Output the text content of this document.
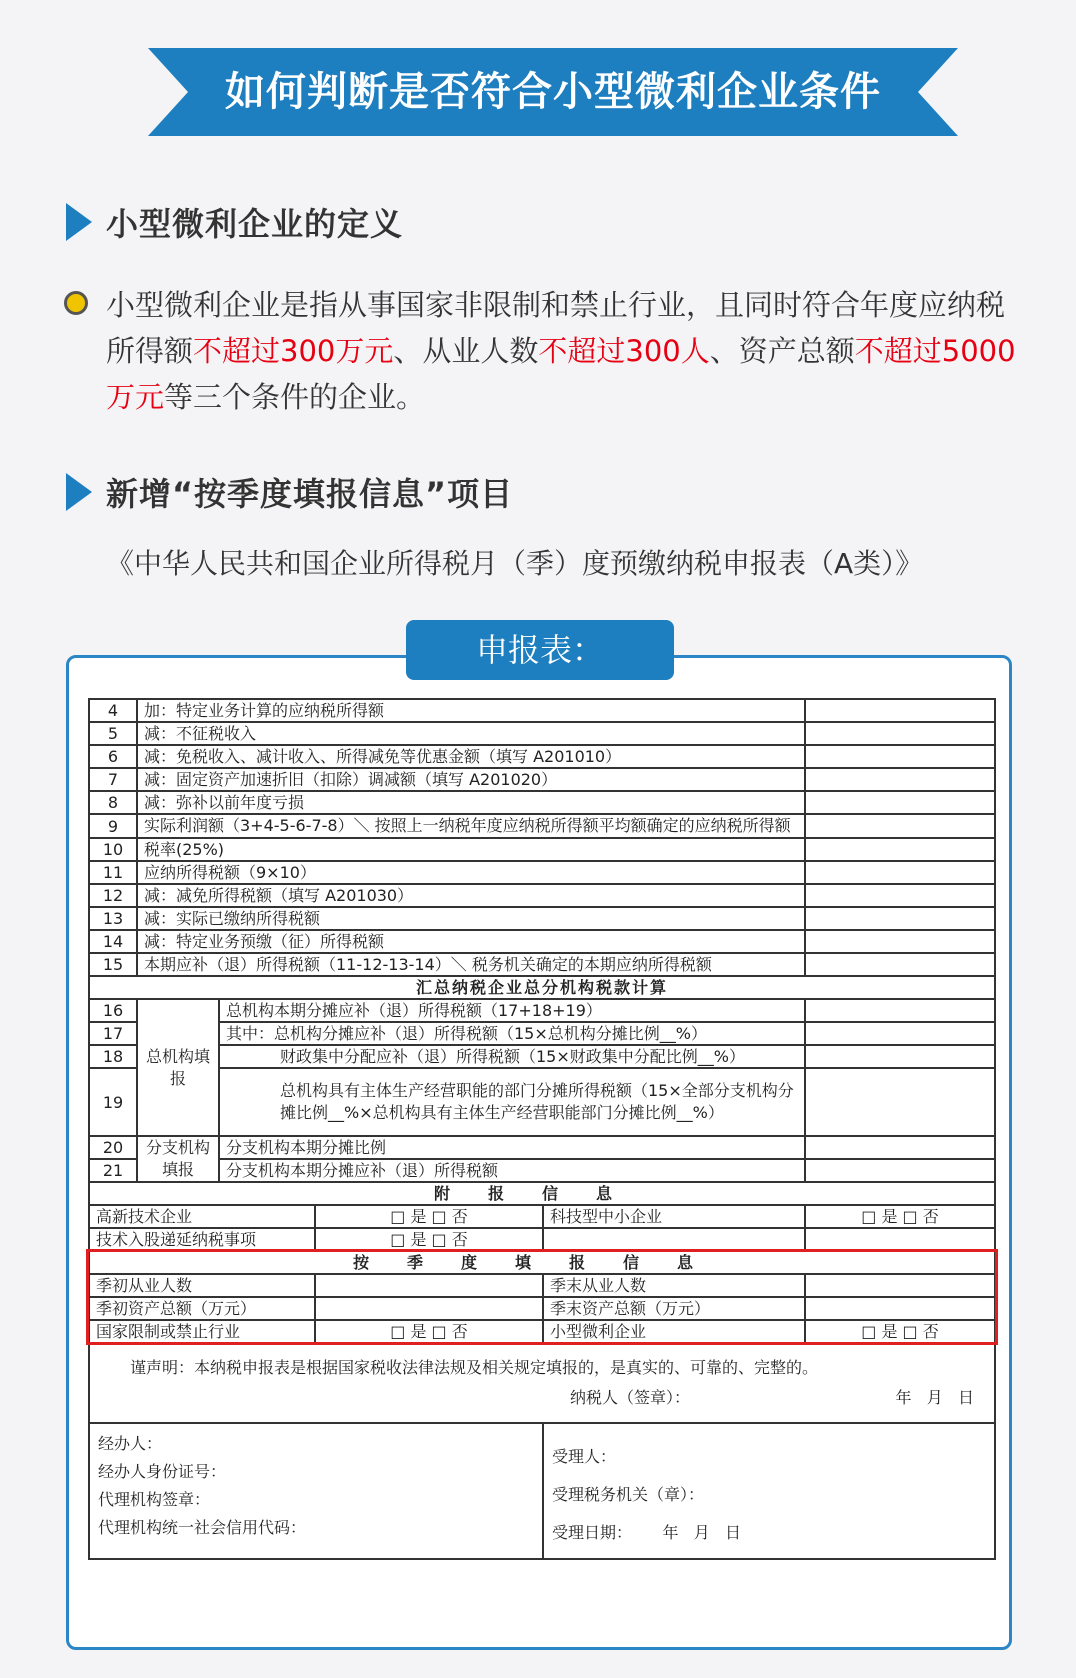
如何判断是否符合小型微利企业条件
小型微利企业的定义
小型微利企业是指从事国家非限制和禁止行业，且同时符合年度应纳税所得额不超过300万元、从业人数不超过300人、资产总额不超过5000万元等三个条件的企业。
新增“按季度填报信息”项目
《中华人民共和国企业所得税月（季）度预缴纳税申报表（A类）》
申报表：A200000
4	加：特定业务计算的应纳税所得额				
5	减：不征税收入				
6	减：免税收入、减计收入、所得减免等优惠金额（填写 A201010）				
7	减：固定资产加速折旧（扣除）调减额（填写 A201020）				
8	减：弥补以前年度亏损				
9	实际利润额（3+4-5-6-7-8）＼ 按照上一纳税年度应纳税所得额平均额确定的应纳税所得额				
10	税率(25%)				
11	应纳所得税额（9×10）				
12	减：减免所得税额（填写 A201030）				
13	减：实际已缴纳所得税额				
14	减：特定业务预缴（征）所得税额				
15	本期应补（退）所得税额（11-12-13-14）＼ 税务机关确定的本期应纳所得税额				
汇总纳税企业总分机构税款计算					
16	总机构填报	总机构本期分摊应补（退）所得税额（17+18+19）			
17		其中：总机构分摊应补（退）所得税额（15×总机构分摊比例__%）			
18		财政集中分配应补（退）所得税额（15×财政集中分配比例__%）			
19		总机构具有主体生产经营职能的部门分摊所得税额（15×全部分支机构分摊比例__%×总机构具有主体生产经营职能部门分摊比例__%）			
20	分支机构填报	分支机构本期分摊比例			
21		分支机构本期分摊应补（退）所得税额			
附报信息					
高新技术企业			□ 是 □ 否	科技型中小企业	□ 是 □ 否
技术入股递延纳税事项			□ 是 □ 否		
按季度填报信息					
季初从业人数				季末从业人数	
季初资产总额（万元）				季末资产总额（万元）	
国家限制或禁止行业			□ 是 □ 否	小型微利企业	□ 是 □ 否

谨声明：本纳税申报表是根据国家税收法律法规及相关规定填报的，是真实的、可靠的、完整的。
纳税人（签章）： 年   月   日					

经办人：
经办人身份证号：
代理机构签章：
代理机构统一社会信用代码：

受理人：
受理税务机关（章）：
受理日期：      年   月   日
